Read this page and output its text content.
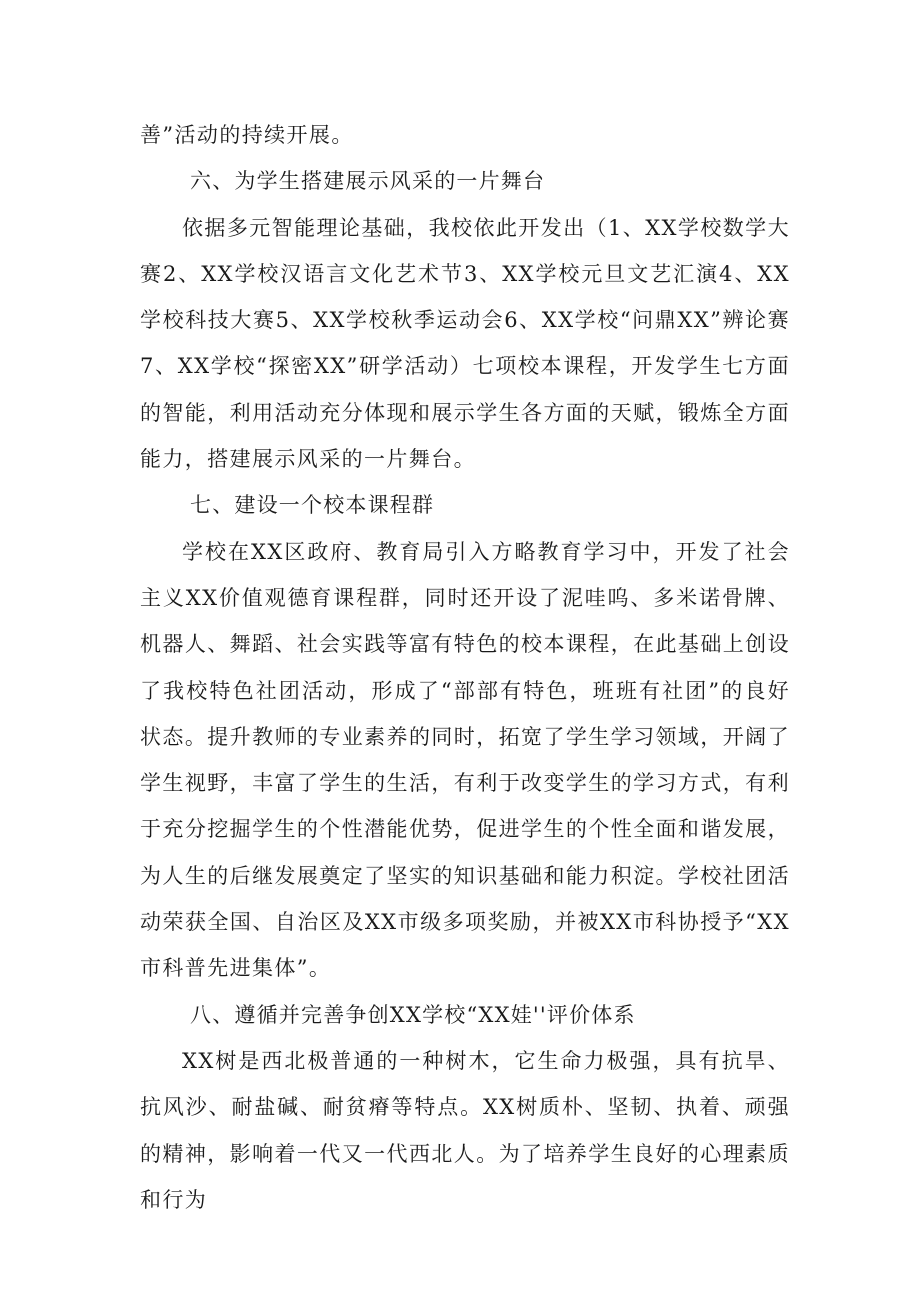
善”活动的持续开展。

六、为学生搭建展示风采的一片舞台

依据多元智能理论基础，我校依此开发出（1、XX学校数学大赛2、XX学校汉语言文化艺术节3、XX学校元旦文艺汇演4、XX学校科技大赛5、XX学校秋季运动会6、XX学校“问鼎XX”辨论赛7、XX学校“探密XX”研学活动）七项校本课程，开发学生七方面的智能，利用活动充分体现和展示学生各方面的天赋，锻炼全方面能力，搭建展示风采的一片舞台。

七、建设一个校本课程群

学校在XX区政府、教育局引入方略教育学习中，开发了社会主义XX价值观德育课程群，同时还开设了泥哇呜、多米诺骨牌、机器人、舞蹈、社会实践等富有特色的校本课程，在此基础上创设了我校特色社团活动，形成了“部部有特色，班班有社团”的良好状态。提升教师的专业素养的同时，拓宽了学生学习领域，开阔了学生视野，丰富了学生的生活，有利于改变学生的学习方式，有利于充分挖掘学生的个性潜能优势，促进学生的个性全面和谐发展，为人生的后继发展奠定了坚实的知识基础和能力积淀。学校社团活动荣获全国、自治区及XX市级多项奖励，并被XX市科协授予“XX市科普先进集体”。

八、遵循并完善争创XX学校“XX娃''评价体系

XX树是西北极普通的一种树木，它生命力极强，具有抗旱、抗风沙、耐盐碱、耐贫瘠等特点。XX树质朴、坚韧、执着、顽强的精神，影响着一代又一代西北人。为了培养学生良好的心理素质和行为
